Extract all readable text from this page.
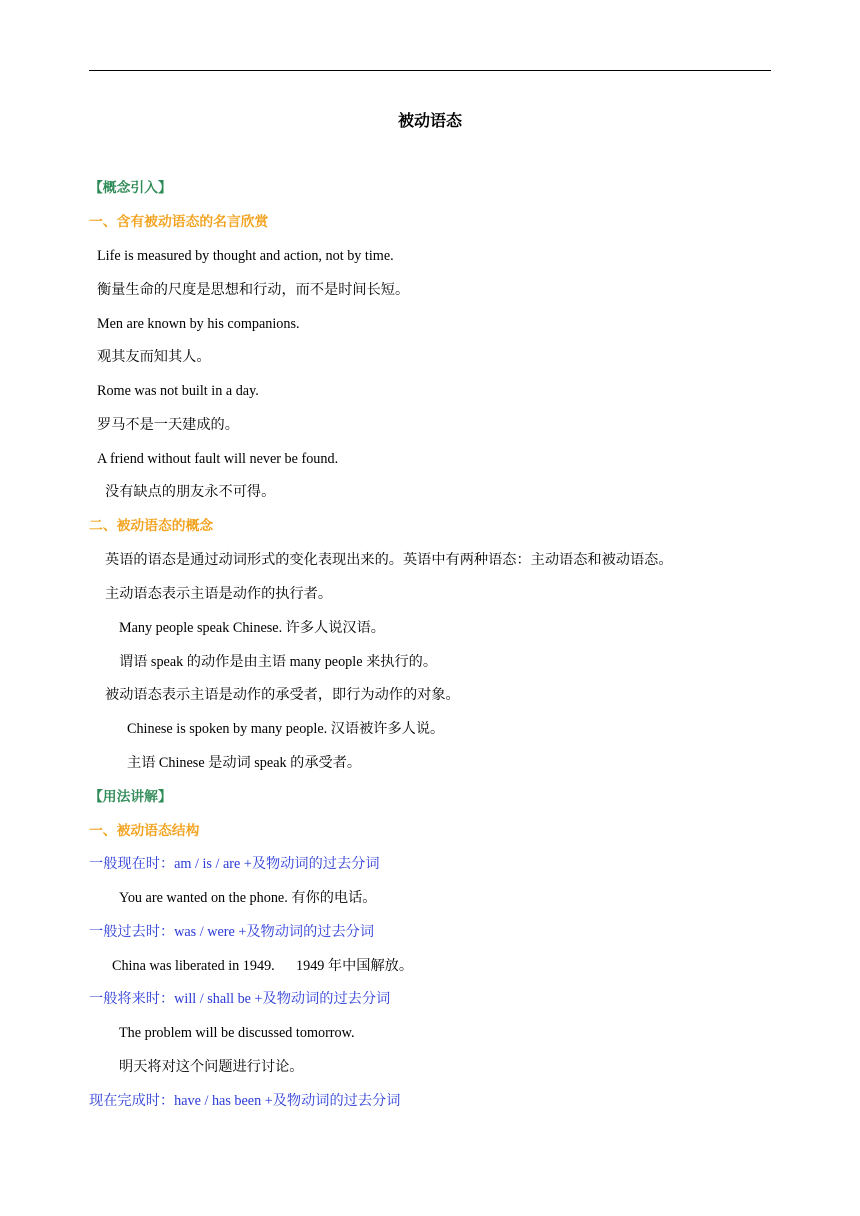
被动语态
【概念引入】
一、含有被动语态的名言欣赏
Life is measured by thought and action, not by time.
衡量生命的尺度是思想和行动，而不是时间长短。
Men are known by his companions.
观其友而知其人。
Rome was not built in a day.
罗马不是一天建成的。
A friend without fault will never be found.
没有缺点的朋友永不可得。
二、被动语态的概念
英语的语态是通过动词形式的变化表现出来的。英语中有两种语态：主动语态和被动语态。
主动语态表示主语是动作的执行者。
Many people speak Chinese. 许多人说汉语。
谓语 speak 的动作是由主语 many people 来执行的。
被动语态表示主语是动作的承受者，即行为动作的对象。
Chinese is spoken by many people. 汉语被许多人说。
主语 Chinese 是动词 speak 的承受者。
【用法讲解】
一、被动语态结构
一般现在时：am / is / are +及物动词的过去分词
You are wanted on the phone. 有你的电话。
一般过去时：was / were +及物动词的过去分词
China was liberated in 1949.      1949 年中国解放。
一般将来时：will / shall be +及物动词的过去分词
The problem will be discussed tomorrow.
明天将对这个问题进行讨论。
现在完成时：have / has been +及物动词的过去分词
